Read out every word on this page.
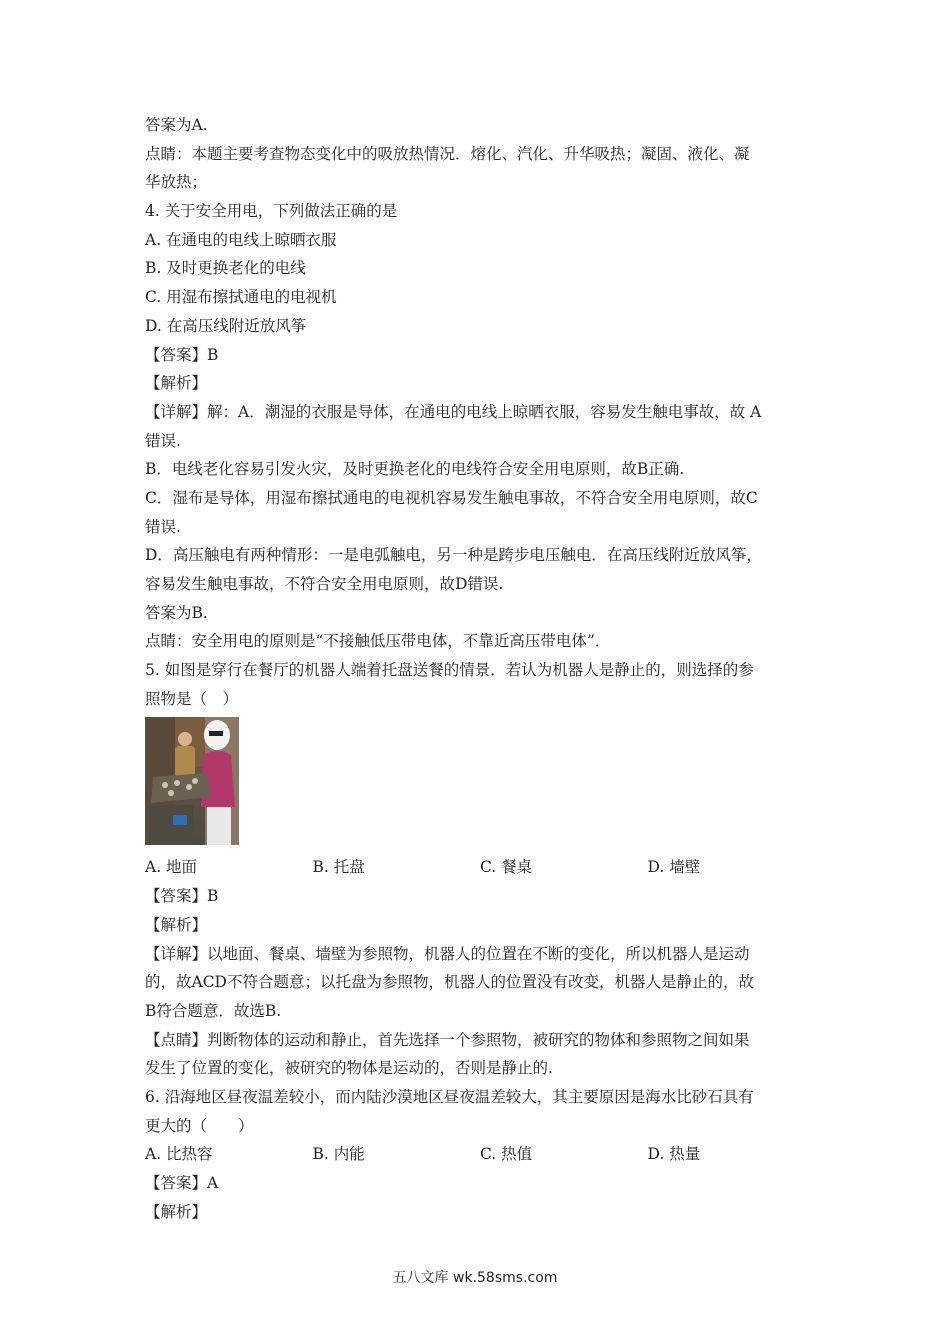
答案为A.
点睛：本题主要考查物态变化中的吸放热情况．熔化、汽化、升华吸热；凝固、液化、凝
华放热；
4. 关于安全用电，下列做法正确的是
A. 在通电的电线上晾晒衣服
B. 及时更换老化的电线
C. 用湿布擦拭通电的电视机
D. 在高压线附近放风筝
【答案】B
【解析】
【详解】解：A．潮湿的衣服是导体，在通电的电线上晾晒衣服，容易发生触电事故，故 A
错误.
B．电线老化容易引发火灾，及时更换老化的电线符合安全用电原则，故B正确.
C．湿布是导体，用湿布擦拭通电的电视机容易发生触电事故，不符合安全用电原则，故C
错误.
D．高压触电有两种情形：一是电弧触电，另一种是跨步电压触电．在高压线附近放风筝，
容易发生触电事故，不符合安全用电原则，故D错误.
答案为B.
点睛：安全用电的原则是“不接触低压带电体，不靠近高压带电体”．
5. 如图是穿行在餐厅的机器人端着托盘送餐的情景．若认为机器人是静止的，则选择的参
照物是（　）
A. 地面	B. 托盘	C. 餐桌	D. 墙壁
【答案】B
【解析】
【详解】以地面、餐桌、墙壁为参照物，机器人的位置在不断的变化，所以机器人是运动
的，故ACD不符合题意；以托盘为参照物，机器人的位置没有改变，机器人是静止的，故
B符合题意．故选B.
【点睛】判断物体的运动和静止，首先选择一个参照物，被研究的物体和参照物之间如果
发生了位置的变化，被研究的物体是运动的，否则是静止的.
6. 沿海地区昼夜温差较小，而内陆沙漠地区昼夜温差较大，其主要原因是海水比砂石具有
更大的（　　）
A. 比热容	B. 内能	C. 热值	D. 热量
【答案】A
【解析】
五八文库 wk.58sms.com
